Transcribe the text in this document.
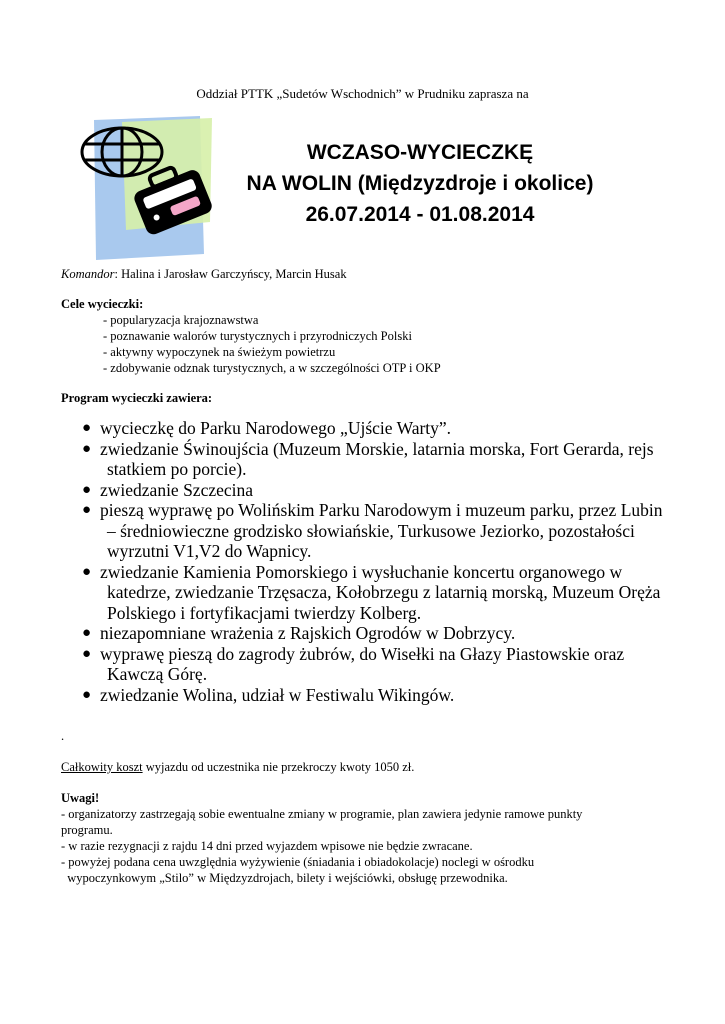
Oddział PTTK „Sudetów Wschodnich” w Prudniku zaprasza na
WCZASO-WYCIECZKĘ
NA WOLIN (Międzyzdroje i okolice)
26.07.2014 - 01.08.2014
Komandor: Halina i Jarosław Garczyńscy, Marcin Husak
Cele wycieczki:
- popularyzacja krajoznawstwa
- poznawanie walorów turystycznych i przyrodniczych Polski
- aktywny wypoczynek na świeżym powietrzu
- zdobywanie odznak turystycznych, a w szczególności OTP i OKP
Program wycieczki zawiera:
● wycieczkę do Parku Narodowego „Ujście Warty”.
● zwiedzanie Świnoujścia (Muzeum Morskie, latarnia morska, Fort Gerarda, rejs
statkiem po porcie).
● zwiedzanie Szczecina
● pieszą wyprawę po Wolińskim Parku Narodowym i muzeum parku, przez Lubin
– średniowieczne grodzisko słowiańskie, Turkusowe Jeziorko, pozostałości
wyrzutni V1,V2 do Wapnicy.
● zwiedzanie Kamienia Pomorskiego i wysłuchanie koncertu organowego w
katedrze, zwiedzanie Trzęsacza, Kołobrzegu z latarnią morską, Muzeum Oręża
Polskiego i fortyfikacjami twierdzy Kolberg.
● niezapomniane wrażenia z Rajskich Ogrodów w Dobrzycy.
● wyprawę pieszą do zagrody żubrów, do Wisełki na Głazy Piastowskie oraz
Kawczą Górę.
● zwiedzanie Wolina, udział w Festiwalu Wikingów.
.
Całkowity koszt wyjazdu od uczestnika nie przekroczy kwoty 1050 zł.
Uwagi!
- organizatorzy zastrzegają sobie ewentualne zmiany w programie, plan zawiera jedynie ramowe punkty
programu.
- w razie rezygnacji z rajdu 14 dni przed wyjazdem wpisowe nie będzie zwracane.
- powyżej podana cena uwzględnia wyżywienie (śniadania i obiadokolacje) noclegi w ośrodku
wypoczynkowym „Stilo” w Międzyzdrojach, bilety i wejściówki, obsługę przewodnika.
